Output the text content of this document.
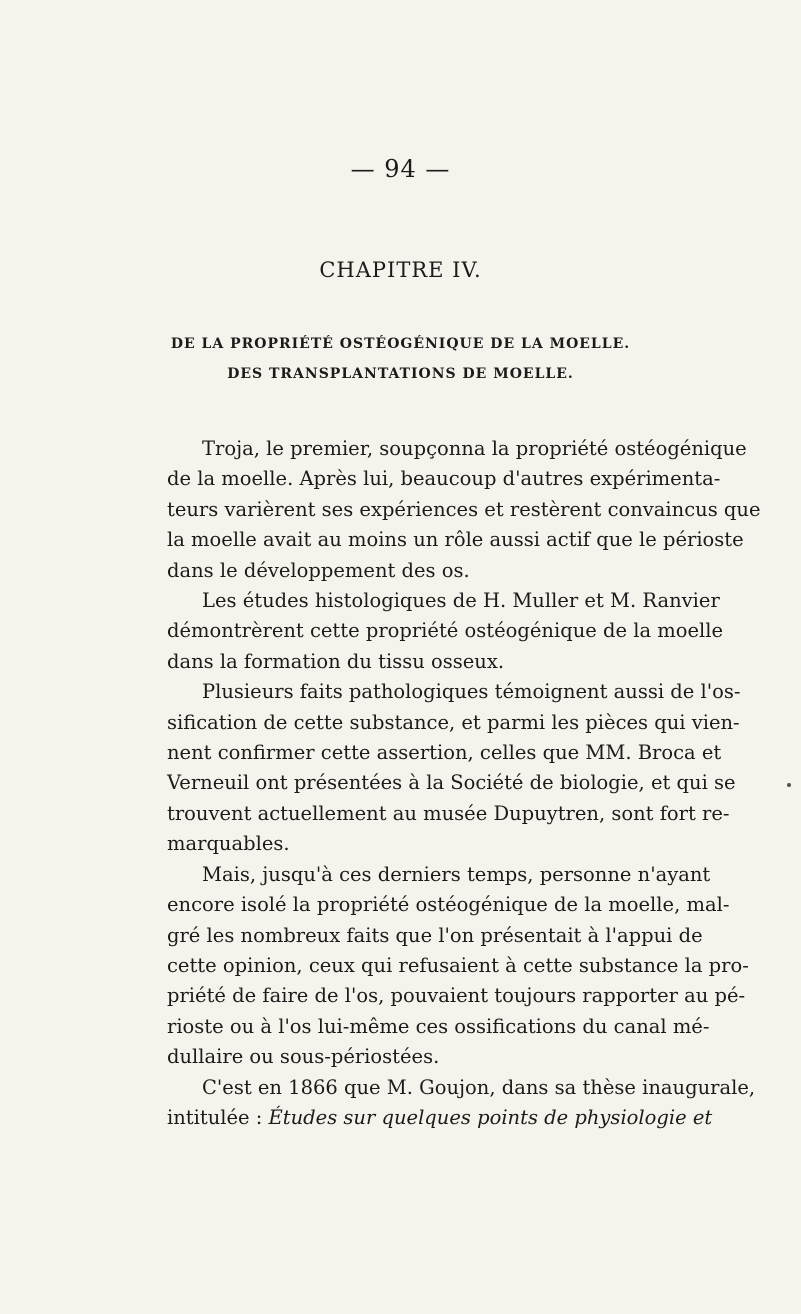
— 94 —
CHAPITRE IV.
DE LA PROPRIÉTÉ OSTÉOGÉNIQUE DE LA MOELLE.
DES TRANSPLANTATIONS DE MOELLE.
Troja, le premier, soupçonna la propriété ostéogénique
de la moelle. Après lui, beaucoup d'autres expérimenta-
teurs varièrent ses expériences et restèrent convaincus que
la moelle avait au moins un rôle aussi actif que le périoste
dans le développement des os.
Les études histologiques de H. Muller et M. Ranvier
démontrèrent cette propriété ostéogénique de la moelle
dans la formation du tissu osseux.
Plusieurs faits pathologiques témoignent aussi de l'os-
sification de cette substance, et parmi les pièces qui vien-
nent confirmer cette assertion, celles que MM. Broca et
Verneuil ont présentées à la Société de biologie, et qui se
trouvent actuellement au musée Dupuytren, sont fort re-
marquables.
Mais, jusqu'à ces derniers temps, personne n'ayant
encore isolé la propriété ostéogénique de la moelle, mal-
gré les nombreux faits que l'on présentait à l'appui de
cette opinion, ceux qui refusaient à cette substance la pro-
priété de faire de l'os, pouvaient toujours rapporter au pé-
rioste ou à l'os lui-même ces ossifications du canal mé-
dullaire ou sous-périostées.
C'est en 1866 que M. Goujon, dans sa thèse inaugurale,
intitulée : Études sur quelques points de physiologie et
